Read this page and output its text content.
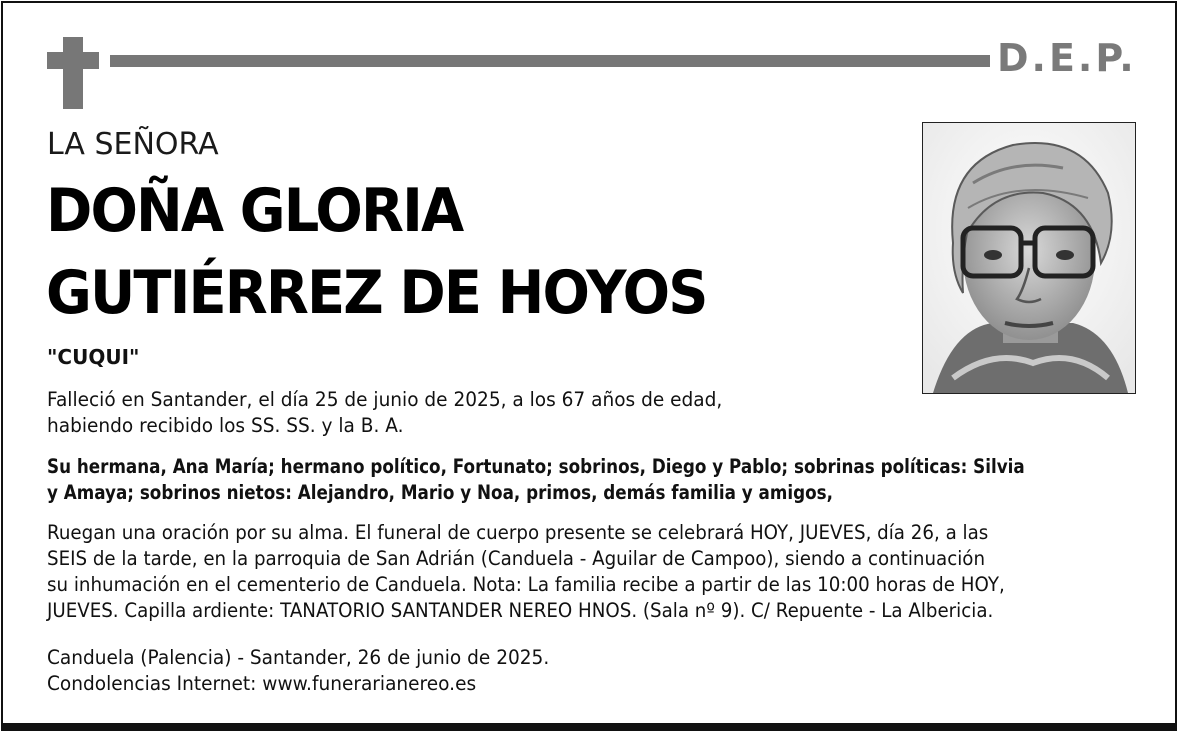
D.E.P.
LA SEÑORA
DOÑA GLORIA
GUTIÉRREZ DE HOYOS
"CUQUI"
Falleció en Santander, el día 25 de junio de 2025, a los 67 años de edad,
habiendo recibido los SS. SS. y la B. A.
Su hermana, Ana María; hermano político, Fortunato; sobrinos, Diego y Pablo; sobrinas políticas: Silvia
y Amaya; sobrinos nietos: Alejandro, Mario y Noa, primos, demás familia y amigos,
Ruegan una oración por su alma. El funeral de cuerpo presente se celebrará HOY, JUEVES, día 26, a las
SEIS de la tarde, en la parroquia de San Adrián (Canduela - Aguilar de Campoo), siendo a continuación
su inhumación en el cementerio de Canduela. Nota: La familia recibe a partir de las 10:00 horas de HOY,
JUEVES. Capilla ardiente: TANATORIO SANTANDER NEREO HNOS. (Sala nº 9). C/ Repuente - La Albericia.
Canduela (Palencia) - Santander, 26 de junio de 2025.
Condolencias Internet: www.funerarianereo.es
